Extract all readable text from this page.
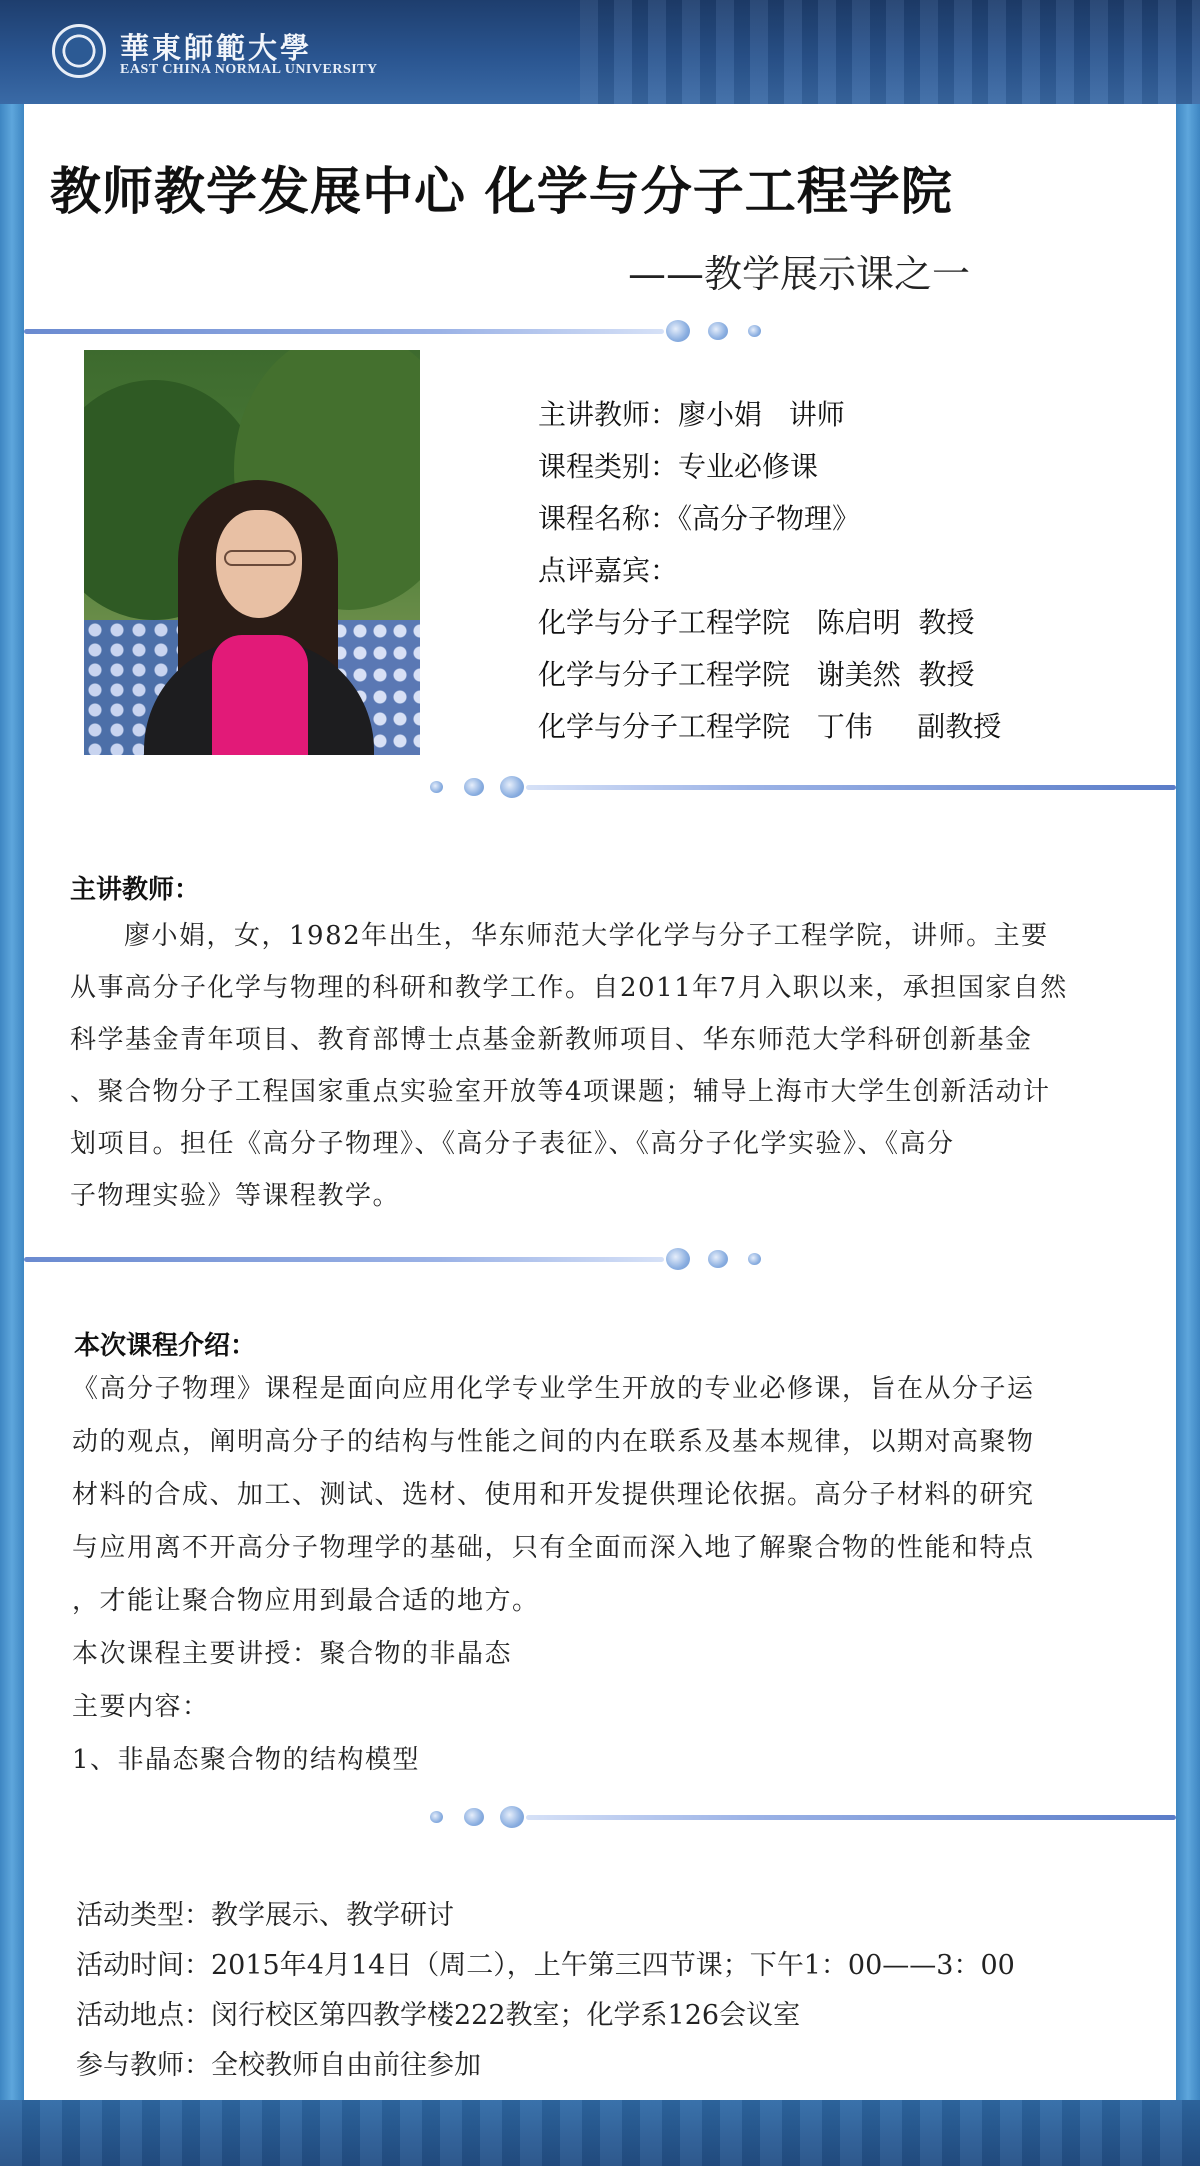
華東師範大學
EAST CHINA NORMAL UNIVERSITY
教师教学发展中心 化学与分子工程学院
——教学展示课之一

主讲教师：廖小娟   讲师

课程类别：专业必修课

课程名称：《高分子物理》

点评嘉宾：

化学与分子工程学院   陈启明  教授

化学与分子工程学院   谢美然  教授

化学与分子工程学院   丁伟     副教授

主讲教师：

廖小娟，女，1982年出生，华东师范大学化学与分子工程学院，讲师。主要

从事高分子化学与物理的科研和教学工作。自2011年7月入职以来，承担国家自然

科学基金青年项目、教育部博士点基金新教师项目、华东师范大学科研创新基金

、聚合物分子工程国家重点实验室开放等4项课题；辅导上海市大学生创新活动计

划项目。担任《高分子物理》、《高分子表征》、《高分子化学实验》、《高分

子物理实验》等课程教学。

本次课程介绍：

《高分子物理》课程是面向应用化学专业学生开放的专业必修课，旨在从分子运

动的观点，阐明高分子的结构与性能之间的内在联系及基本规律，以期对高聚物

材料的合成、加工、测试、选材、使用和开发提供理论依据。高分子材料的研究

与应用离不开高分子物理学的基础，只有全面而深入地了解聚合物的性能和特点

，才能让聚合物应用到最合适的地方。

本次课程主要讲授：聚合物的非晶态

主要内容：

1、非晶态聚合物的结构模型

活动类型：教学展示、教学研讨

活动时间：2015年4月14日（周二），上午第三四节课；下午1：00——3：00

活动地点：闵行校区第四教学楼222教室；化学系126会议室

参与教师：全校教师自由前往参加
